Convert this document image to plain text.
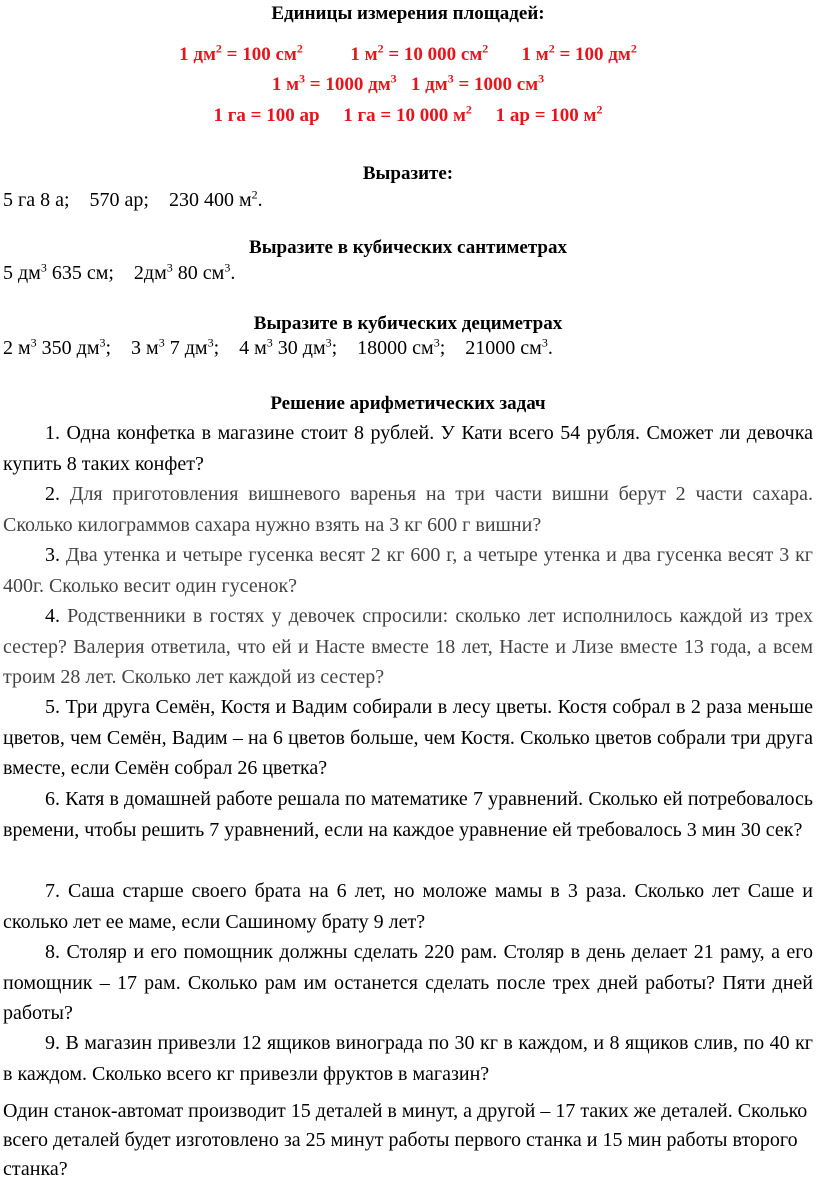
Единицы измерения площадей:
1 $дм^2 = 100$ $см^2$          1 $м^2 = 10$ 000 $см^2$       1 $м^2 = 100$ $дм^2$
1 $м^3 = 1000$ $дм^3$   1 $дм^3 = 1000$ $см^3$
1 га = 100 ар     1 га = 10 000 $м^2$     1 ар = 100 $м^2$
Выразите:
5 га 8 а;    570 ар;    230 400 $м^2$.
Выразите в кубических сантиметрах
5 $дм^3$ 635 см;    $2дм^3$ 80 $см^3$.
Выразите в кубических дециметрах
2 $м^3$ 350 $дм^3$;    3 $м^3$ 7 $дм^3$;    4 $м^3$ 30 $дм^3$;    18000 $см^3$;    21000 $см^3$.
Решение арифметических задач
1. Одна конфетка в магазине стоит 8 рублей. У Кати всего 54 рубля. Сможет ли девочка купить 8 таких конфет?
2. Для приготовления вишневого варенья на три части вишни берут 2 части сахара. Сколько килограммов сахара нужно взять на 3 кг 600 г вишни?
3. Два утенка и четыре гусенка весят 2 кг 600 г, а четыре утенка и два гусенка весят 3 кг 400г. Сколько весит один гусенок?
4. Родственники в гостях у девочек спросили: сколько лет исполнилось каждой из трех сестер? Валерия ответила, что ей и Насте вместе 18 лет, Насте и Лизе вместе 13 года, а всем троим 28 лет. Сколько лет каждой из сестер?
5. Три друга Семён, Костя и Вадим собирали в лесу цветы. Костя собрал в 2 раза меньше цветов, чем Семён, Вадим – на 6 цветов больше, чем Костя. Сколько цветов собрали три друга вместе, если Семён собрал 26 цветка?
6. Катя в домашней работе решала по математике 7 уравнений. Сколько ей потребовалось времени, чтобы решить 7 уравнений, если на каждое уравнение ей требовалось 3 мин 30 сек?
7. Саша старше своего брата на 6 лет, но моложе мамы в 3 раза. Сколько лет Саше и сколько лет ее маме, если Сашиному брату 9 лет?
8. Столяр и его помощник должны сделать 220 рам. Столяр в день делает 21 раму, а его помощник – 17 рам. Сколько рам им останется сделать после трех дней работы? Пяти дней работы?
9. В магазин привезли 12 ящиков винограда по 30 кг в каждом, и 8 ящиков слив, по 40 кг в каждом. Сколько всего кг привезли фруктов в магазин?
Один станок-автомат производит 15 деталей в минут, а другой – 17 таких же деталей. Сколько всего деталей будет изготовлено за 25 минут работы первого станка и 15 мин работы второго станка?
